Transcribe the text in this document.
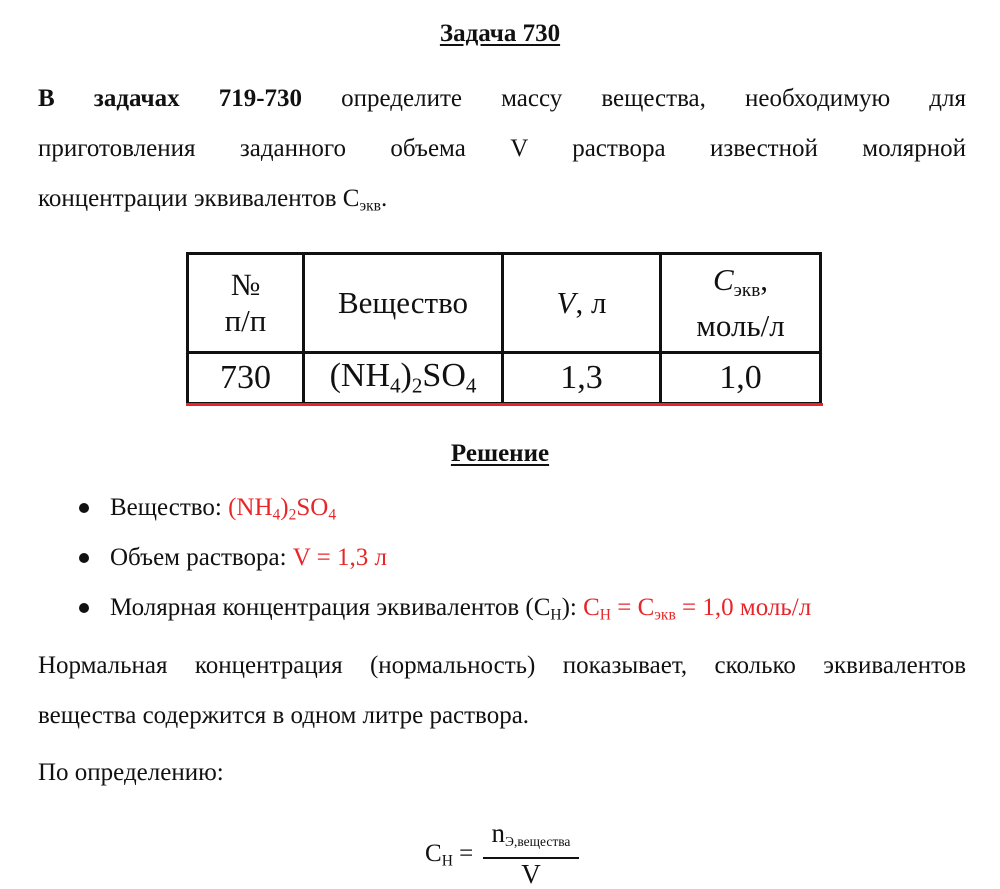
Задача 730
В задачах 719-730 определите массу вещества, необходимую для
приготовления заданного объема V раствора известной молярной
концентрации эквивалентов $С_{экв}$.
№ п/п	Вещество	V, л	$C_{экв}$,
моль/л
730	$(NH_4)_2SO_4$	1,3	1,0
Решение
Вещество: $(NH_4)_2SO_4$
Объем раствора: V = 1,3 л
Молярная концентрация эквивалентов $(С_Н)$: $С_Н = С_{экв} = 1,0$ моль/л
Нормальная концентрация (нормальность) показывает, сколько эквивалентов
вещества содержится в одном литре раствора.
По определению:
$С_Н$ =
$n_{Э,вещества}$
V
